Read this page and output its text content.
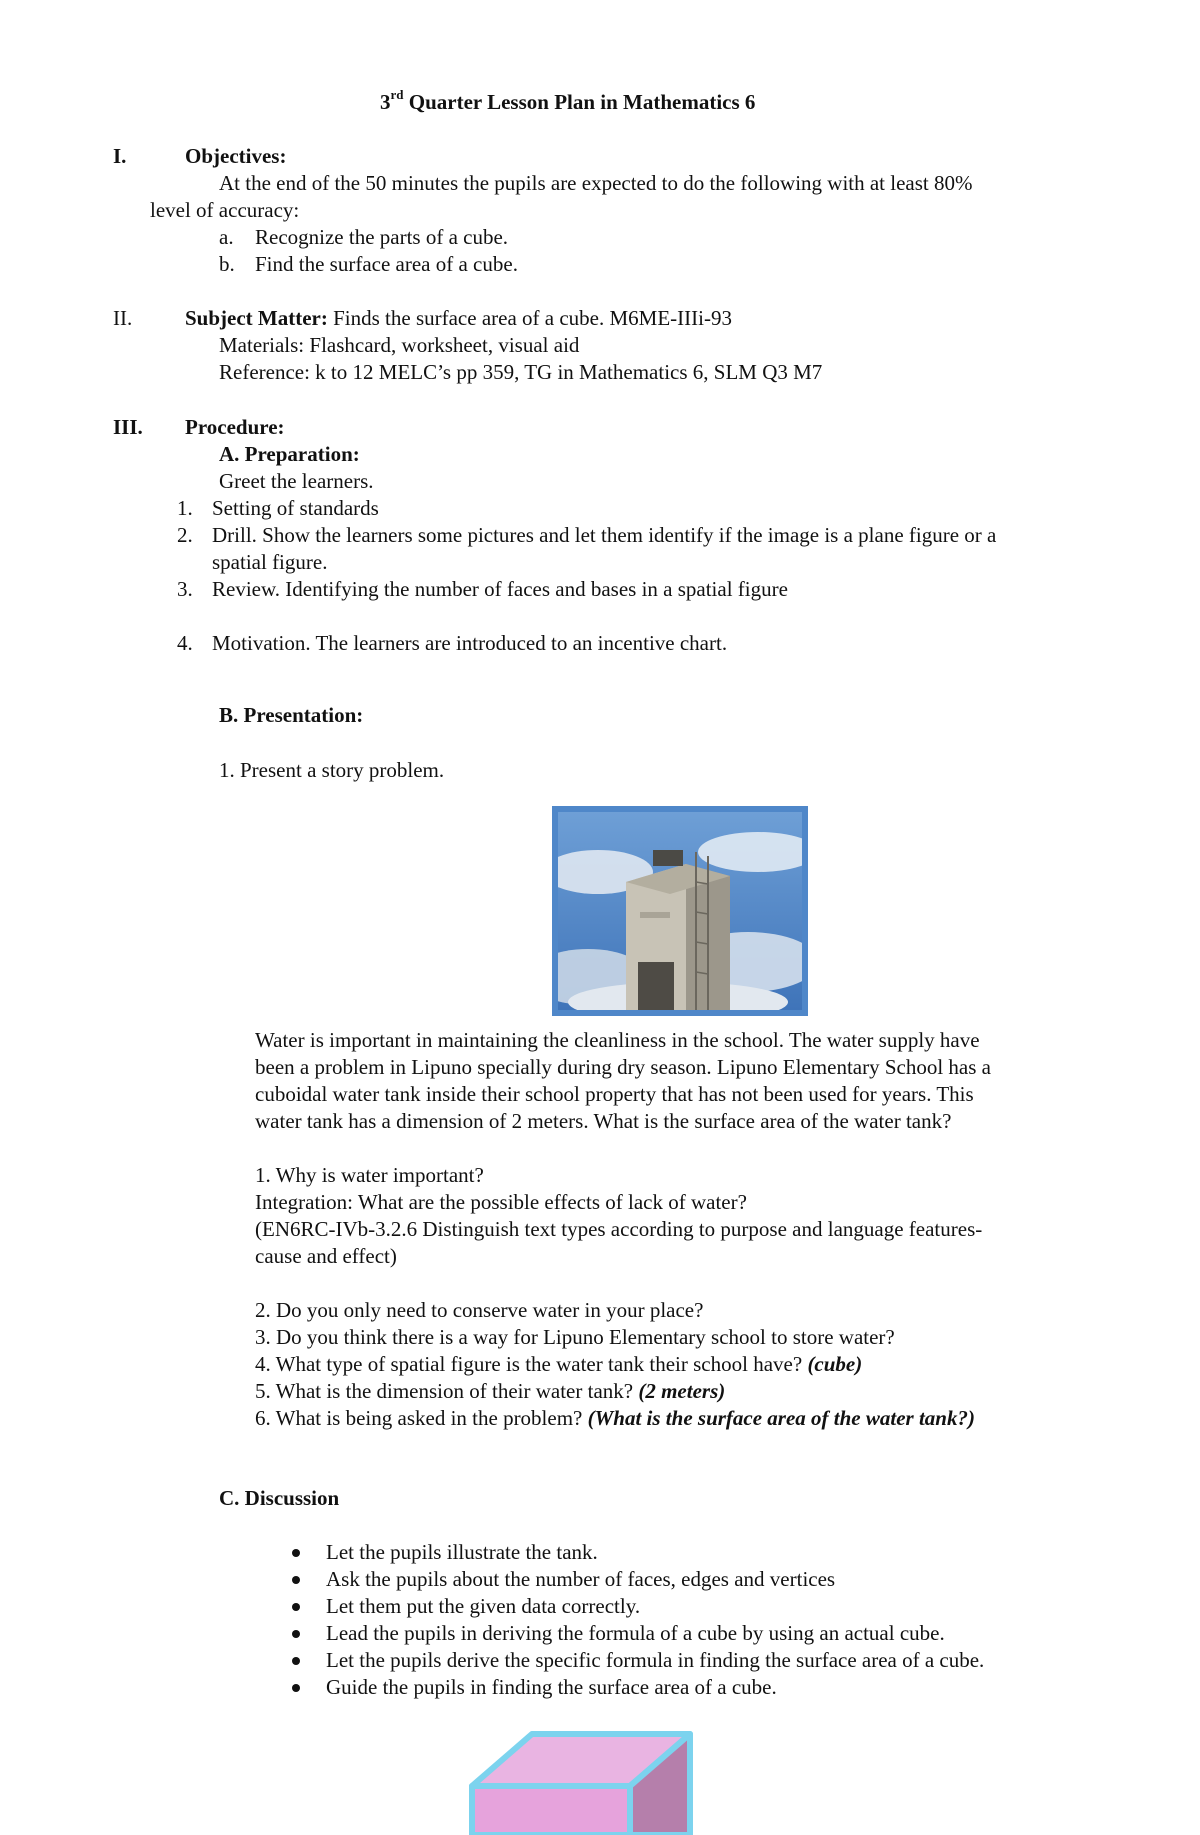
3rd Quarter Lesson Plan in Mathematics 6
I.	Objectives:
At the end of the 50 minutes the pupils are expected to do the following with at least 80%
level of accuracy:
a. Recognize the parts of a cube.
b. Find the surface area of a cube.
II.	Subject Matter: Finds the surface area of a cube. M6ME-IIIi-93
Materials: Flashcard, worksheet, visual aid
Reference: k to 12 MELC’s pp 359, TG in Mathematics 6, SLM Q3 M7
III. Procedure:
A. Preparation:
Greet the learners.
1. Setting of standards
2. Drill. Show the learners some pictures and let them identify if the image is a plane figure or a
spatial figure.
3. Review. Identifying the number of faces and bases in a spatial figure
4. Motivation. The learners are introduced to an incentive chart.
B. Presentation:
1. Present a story problem.
Water is important in maintaining the cleanliness in the school. The water supply have
been a problem in Lipuno specially during dry season. Lipuno Elementary School has a
cuboidal water tank inside their school property that has not been used for years. This
water tank has a dimension of 2 meters. What is the surface area of the water tank?
1. Why is water important?
Integration: What are the possible effects of lack of water?
(EN6RC-IVb-3.2.6 Distinguish text types according to purpose and language features-
cause and effect)
2. Do you only need to conserve water in your place?
3. Do you think there is a way for Lipuno Elementary school to store water?
4. What type of spatial figure is the water tank their school have? (cube)
5. What is the dimension of their water tank? (2 meters)
6. What is being asked in the problem? (What is the surface area of the water tank?)
C. Discussion
Let the pupils illustrate the tank.
Ask the pupils about the number of faces, edges and vertices
Let them put the given data correctly.
Lead the pupils in deriving the formula of a cube by using an actual cube.
Let the pupils derive the specific formula in finding the surface area of a cube.
Guide the pupils in finding the surface area of a cube.
